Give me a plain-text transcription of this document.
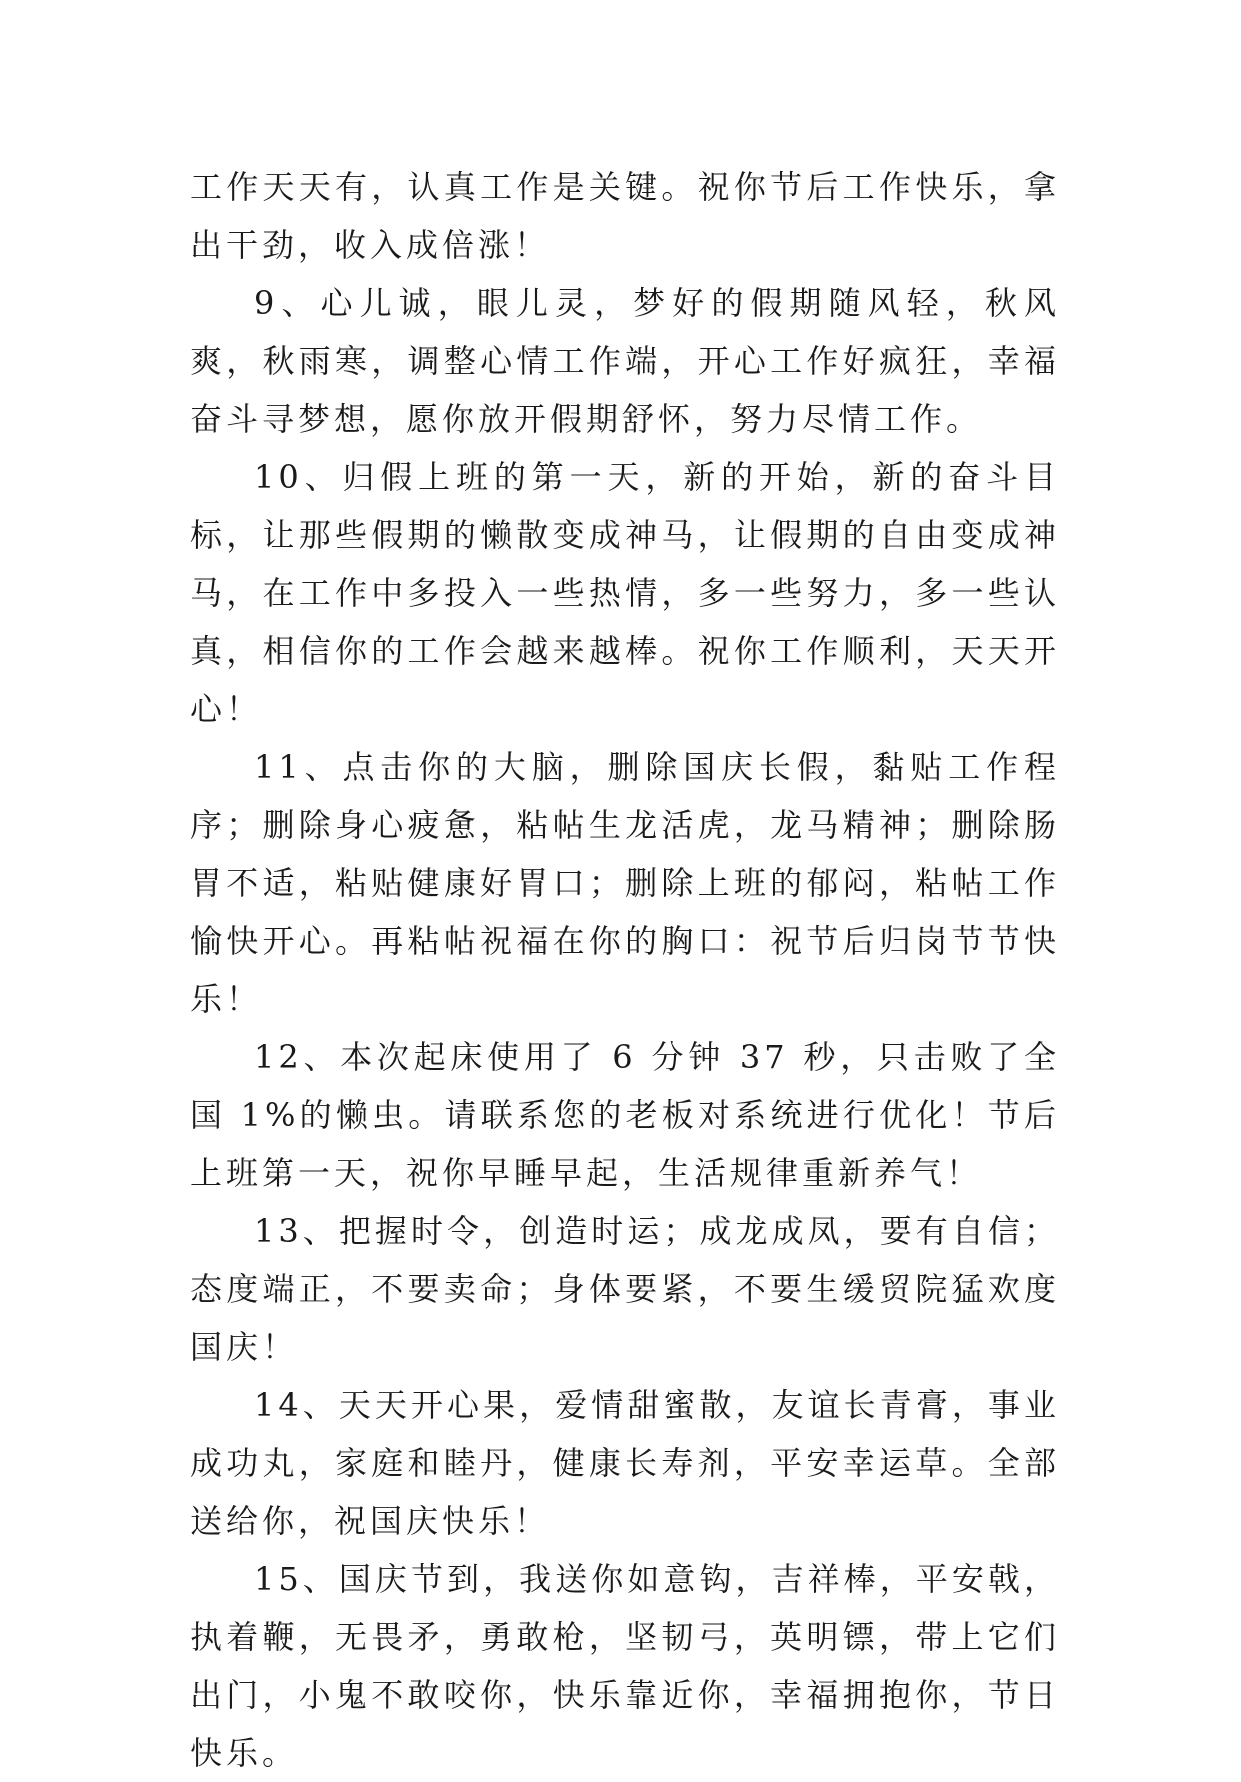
工作天天有，认真工作是关键。祝你节后工作快乐，拿出干劲，收入成倍涨！

9、心儿诚，眼儿灵，梦好的假期随风轻，秋风爽，秋雨寒，调整心情工作端，开心工作好疯狂，幸福奋斗寻梦想，愿你放开假期舒怀，努力尽情工作。

10、归假上班的第一天，新的开始，新的奋斗目标，让那些假期的懒散变成神马，让假期的自由变成神马，在工作中多投入一些热情，多一些努力，多一些认真，相信你的工作会越来越棒。祝你工作顺利，天天开心！

11、点击你的大脑，删除国庆长假，黏贴工作程序；删除身心疲惫，粘帖生龙活虎，龙马精神；删除肠胃不适，粘贴健康好胃口；删除上班的郁闷，粘帖工作愉快开心。再粘帖祝福在你的胸口：祝节后归岗节节快乐！

12、本次起床使用了 6 分钟 37 秒，只击败了全国 1%的懒虫。请联系您的老板对系统进行优化！节后上班第一天，祝你早睡早起，生活规律重新养气！

13、把握时令，创造时运；成龙成凤，要有自信；态度端正，不要卖命；身体要紧，不要生缓贸院猛欢度国庆！

14、天天开心果，爱情甜蜜散，友谊长青膏，事业成功丸，家庭和睦丹，健康长寿剂，平安幸运草。全部送给你，祝国庆快乐！

15、国庆节到，我送你如意钩，吉祥棒，平安戟，执着鞭，无畏矛，勇敢枪，坚韧弓，英明镖，带上它们出门，小鬼不敢咬你，快乐靠近你，幸福拥抱你，节日快乐。
